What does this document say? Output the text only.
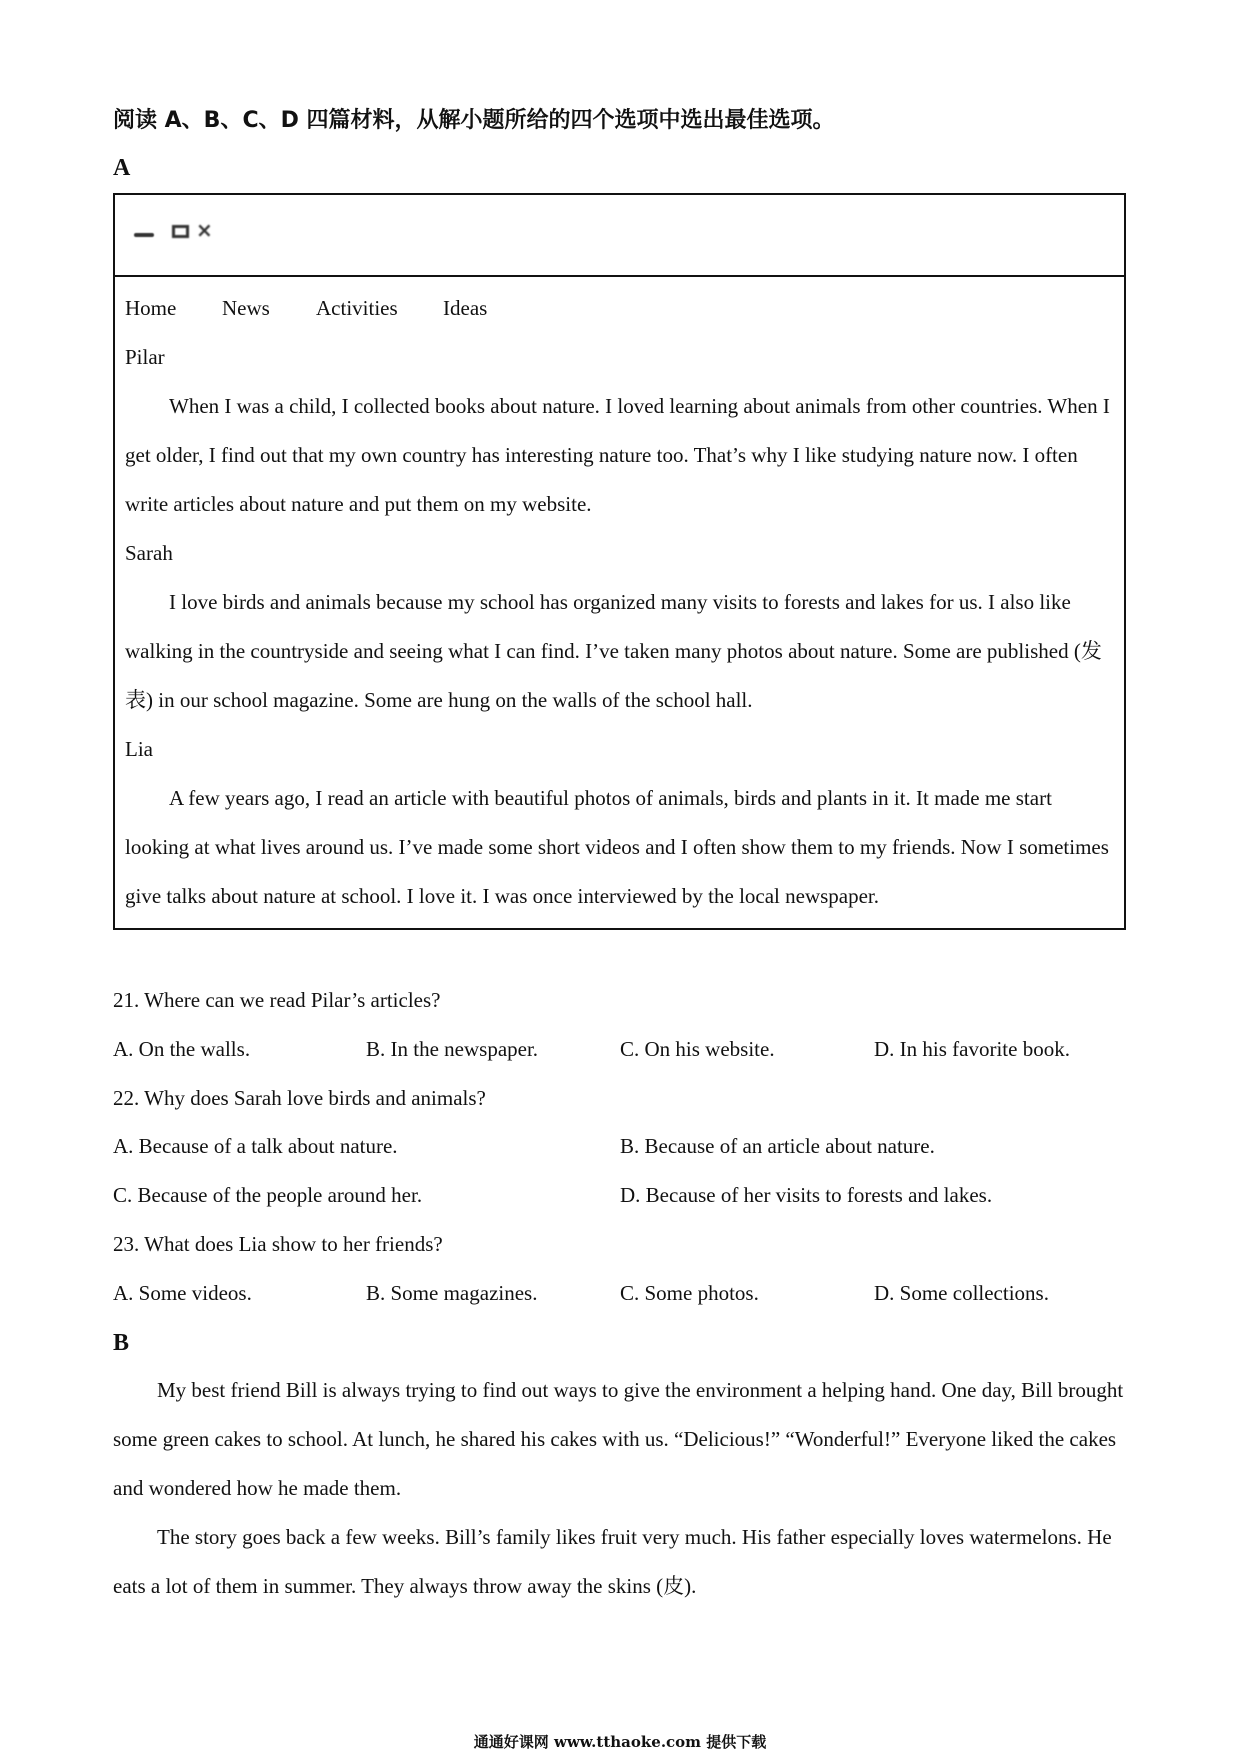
阅读 A、B、C、D 四篇材料，从解小题所给的四个选项中选出最佳选项。
A
×
Home News Activities Ideas
Pilar
When I was a child, I collected books about nature. I loved learning about animals from other countries. When I get older, I find out that my own country has interesting nature too. That’s why I like studying nature now. I often write articles about nature and put them on my website.
Sarah
I love birds and animals because my school has organized many visits to forests and lakes for us. I also like walking in the countryside and seeing what I can find. I’ve taken many photos about nature. Some are published (发表) in our school magazine. Some are hung on the walls of the school hall.
Lia
A few years ago, I read an article with beautiful photos of animals, birds and plants in it. It made me start looking at what lives around us. I’ve made some short videos and I often show them to my friends. Now I sometimes give talks about nature at school. I love it. I was once interviewed by the local newspaper.
21. Where can we read Pilar’s articles?
A. On the walls.	B. In the newspaper.	C. On his website.	D. In his favorite book.
22. Why does Sarah love birds and animals?
A. Because of a talk about nature.	B. Because of an article about nature.
C. Because of the people around her.	D. Because of her visits to forests and lakes.
23. What does Lia show to her friends?
A. Some videos.	B. Some magazines.	C. Some photos.	D. Some collections.
B
My best friend Bill is always trying to find out ways to give the environment a helping hand. One day, Bill brought some green cakes to school. At lunch, he shared his cakes with us. “Delicious!” “Wonderful!” Everyone liked the cakes and wondered how he made them.
The story goes back a few weeks. Bill’s family likes fruit very much. His father especially loves watermelons. He eats a lot of them in summer. They always throw away the skins (皮).
通通好课网 www.tthaoke.com 提供下载
